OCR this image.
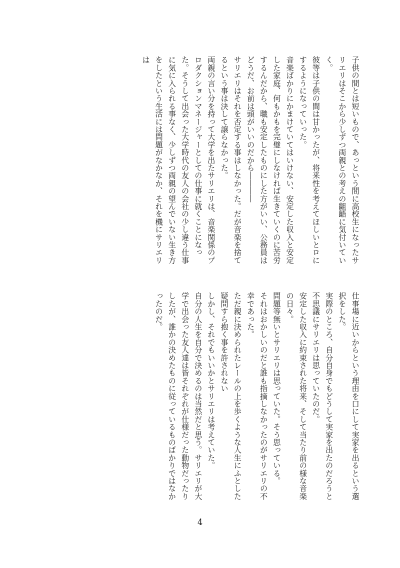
子供の間とは短いもので、あっという間に高校生になったサリエリはそこから少しずつ両親との考えの齟齬に気付いていく。

彼等は子供の間は甘かったが、将来性を考えてほしいとロにするようになっていった。

音楽ばかりにかまけていてはいけない、安定した収入と安定した家庭、何もかもを完璧にしなければ生きていくのに苦労するんだから、職も安定したものにした方がいい、公務員はどうだ、お前は頭がいいのだから――――

サリエリはそれを否定する事はしなかった。だが音楽を捨てるという事は決して譲らなかった。

両親の言い分を持って大学を出たサリエリは、音楽関係のプロダクションマネージャーとしての仕事に就くことになった。そうして出会った大学時代の友人の会社の少し違う仕事に気に入られる事なく、少しずつ両親の望んでいない生き方をしたという生活には問題がなかなか、それを機にサリエリは

仕事場に近いからという理由を口にして実家を出るという選択をした。

実際のところ、自分自身でもどうして実家を出たのだろうと不思議にサリエリは思っていたのだ。

安定した収入に約束された将来、そして当たり前の様な音楽の日々。

問題等無いとサリエリは思っていた。そう思っている。

それはおかしいのだと誰も指摘しなかったのがサリエリの不幸であった。

ただ親に決められたレールの上を歩くような人生にふとした疑問すら抱く事を許されない

しかし、それでもいいかとサリエリは考えていた。

自分の人生を自分で決めるのは当然だと思う。サリエリが大学で出会った友人達は皆それぞれが仕様だった動物だったりしたが、誰かの決めたものに従っているものばかりではなかったのだ。

4
